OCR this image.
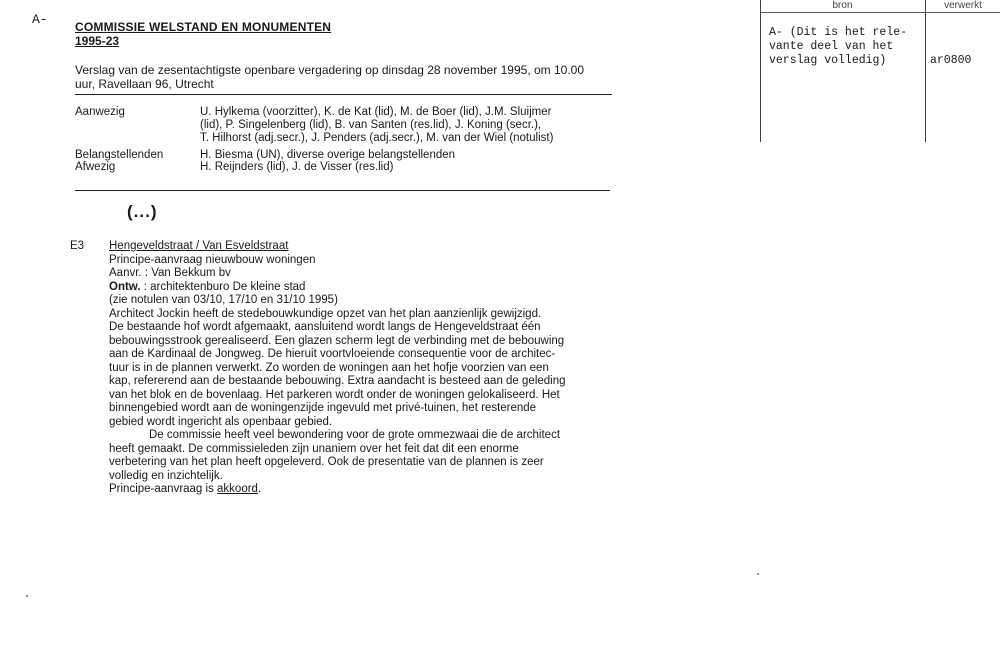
A- COMMISSIE WELSTAND EN MONUMENTEN
1995-23
Verslag van de zesentachtigste openbare vergadering op dinsdag 28 november 1995, om 10.00
uur, Ravellaan 96, Utrecht
Aanwezig	U. Hylkema (voorzitter), K. de Kat (lid), M. de Boer (lid), J.M. Sluijmer
(lid), P. Singelenberg (lid), B. van Santen (res.lid), J. Koning (secr.),
T. Hilhorst (adj.secr.), J. Penders (adj.secr.), M. van der Wiel (notulist)
Belangstellenden	H. Biesma (UN), diverse overige belangstellenden
Afwezig	H. Reijnders (lid), J. de Visser (res.lid)
(...)
E3 Hengeveldstraat / Van Esveldstraat
Principe-aanvraag nieuwbouw woningen
Aanvr. : Van Bekkum bv
Ontw. : architektenburo De kleine stad
(zie notulen van 03/10, 17/10 en 31/10 1995)
Architect Jockin heeft de stedebouwkundige opzet van het plan aanzienlijk gewijzigd.
De bestaande hof wordt afgemaakt, aansluitend wordt langs de Hengeveldstraat één
bebouwingsstrook gerealiseerd. Een glazen scherm legt de verbinding met de bebouwing
aan de Kardinaal de Jongweg. De hieruit voortvloeiende consequentie voor de architec-
tuur is in de plannen verwerkt. Zo worden de woningen aan het hofje voorzien van een
kap, refererend aan de bestaande bebouwing. Extra aandacht is besteed aan de geleding
van het blok en de bovenlaag. Het parkeren wordt onder de woningen gelokaliseerd. Het
binnengebied wordt aan de woningenzijde ingevuld met privé-tuinen, het resterende
gebied wordt ingericht als openbaar gebied.
De commissie heeft veel bewondering voor de grote ommezwaai die de architect
heeft gemaakt. De commissieleden zijn unaniem over het feit dat dit een enorme
verbetering van het plan heeft opgeleverd. Ook de presentatie van de plannen is zeer
volledig en inzichtelijk.
Principe-aanvraag is akkoord.
bron	verwerkt
A- (Dit is het rele-
vante deel van het
verslag volledig)	ar0800
